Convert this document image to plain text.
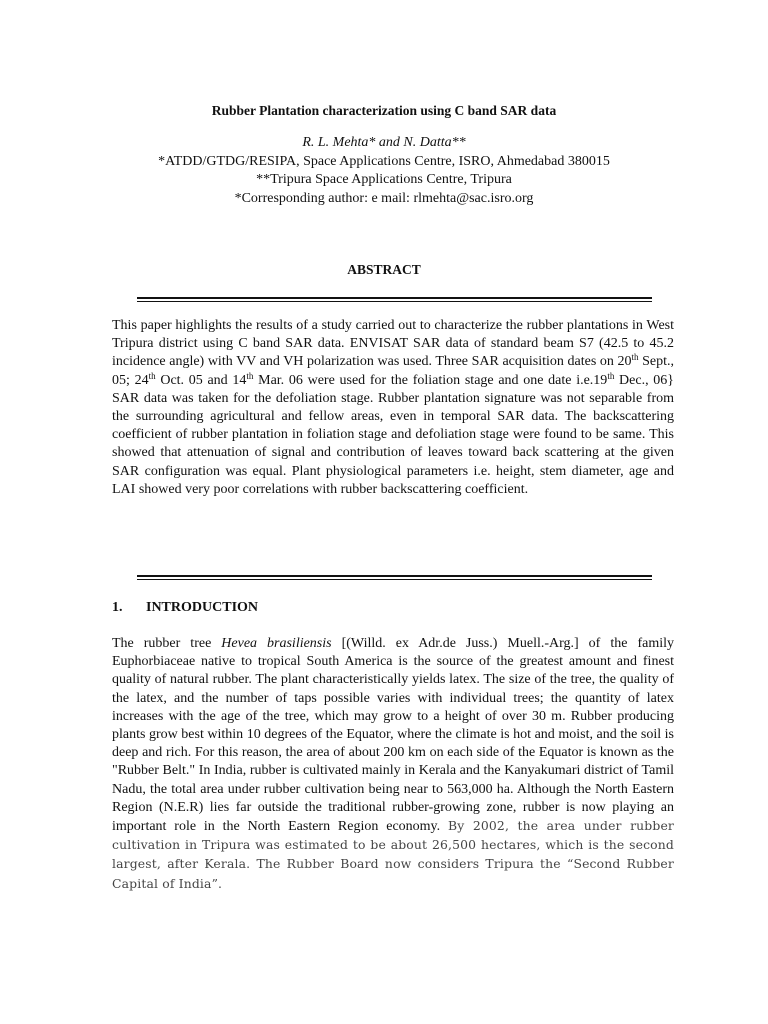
Rubber Plantation characterization using C band SAR data
R. L. Mehta* and N. Datta**
*ATDD/GTDG/RESIPA, Space Applications Centre, ISRO, Ahmedabad 380015
**Tripura Space Applications Centre, Tripura
*Corresponding author: e mail: rlmehta@sac.isro.org
ABSTRACT
This paper highlights the results of a study carried out to characterize the rubber plantations in West Tripura district using C band SAR data. ENVISAT SAR data of standard beam S7 (42.5 to 45.2 incidence angle) with VV and VH polarization was used. Three SAR acquisition dates on 20th Sept., 05; 24th Oct. 05 and 14th Mar. 06 were used for the foliation stage and one date i.e.19th Dec., 06} SAR data was taken for the defoliation stage. Rubber plantation signature was not separable from the surrounding agricultural and fellow areas, even in temporal SAR data. The backscattering coefficient of rubber plantation in foliation stage and defoliation stage were found to be same. This showed that attenuation of signal and contribution of leaves toward back scattering at the given SAR configuration was equal. Plant physiological parameters i.e. height, stem diameter, age and LAI showed very poor correlations with rubber backscattering coefficient.
1. INTRODUCTION
The rubber tree Hevea brasiliensis [(Willd. ex Adr.de Juss.) Muell.-Arg.] of the family Euphorbiaceae native to tropical South America is the source of the greatest amount and finest quality of natural rubber. The plant characteristically yields latex. The size of the tree, the quality of the latex, and the number of taps possible varies with individual trees; the quantity of latex increases with the age of the tree, which may grow to a height of over 30 m. Rubber producing plants grow best within 10 degrees of the Equator, where the climate is hot and moist, and the soil is deep and rich. For this reason, the area of about 200 km on each side of the Equator is known as the "Rubber Belt." In India, rubber is cultivated mainly in Kerala and the Kanyakumari district of Tamil Nadu, the total area under rubber cultivation being near to 563,000 ha. Although the North Eastern Region (N.E.R) lies far outside the traditional rubber-growing zone, rubber is now playing an important role in the North Eastern Region economy. By 2002, the area under rubber cultivation in Tripura was estimated to be about 26,500 hectares, which is the second largest, after Kerala. The Rubber Board now considers Tripura the “Second Rubber Capital of India”.
